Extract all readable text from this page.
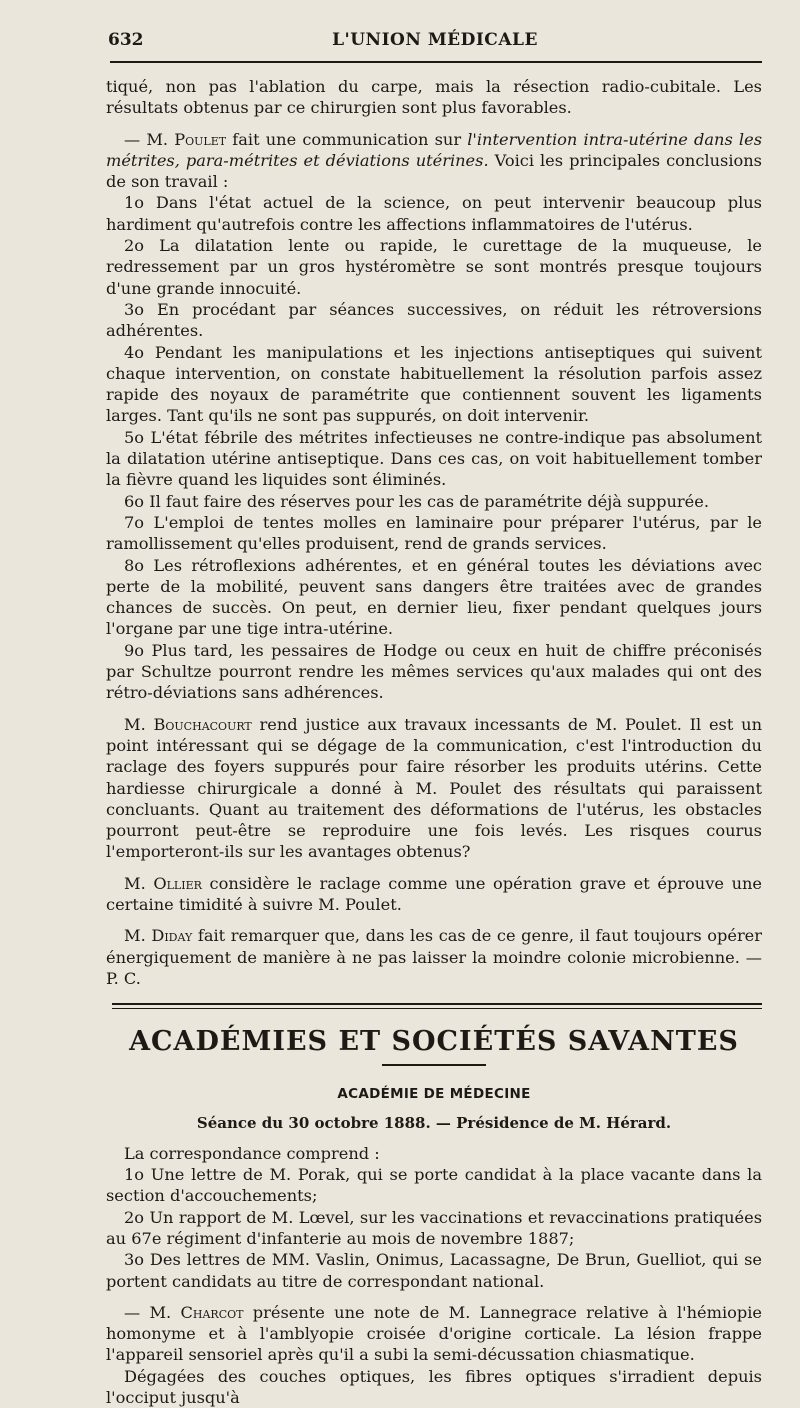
632	L'UNION MÉDICALE

tiqué, non pas l'ablation du carpe, mais la résection radio-cubitale. Les résultats obtenus par ce chirurgien sont plus favorables.

— M. Poulet fait une communication sur l'intervention intra-utérine dans les métrites, para-métrites et déviations utérines. Voici les principales conclusions de son travail :

1o Dans l'état actuel de la science, on peut intervenir beaucoup plus hardiment qu'autrefois contre les affections inflammatoires de l'utérus.

2o La dilatation lente ou rapide, le curettage de la muqueuse, le redressement par un gros hystéromètre se sont montrés presque toujours d'une grande innocuité.

3o En procédant par séances successives, on réduit les rétroversions adhérentes.

4o Pendant les manipulations et les injections antiseptiques qui suivent chaque intervention, on constate habituellement la résolution parfois assez rapide des noyaux de paramétrite que contiennent souvent les ligaments larges. Tant qu'ils ne sont pas suppurés, on doit intervenir.

5o L'état fébrile des métrites infectieuses ne contre-indique pas absolument la dilatation utérine antiseptique. Dans ces cas, on voit habituellement tomber la fièvre quand les liquides sont éliminés.

6o Il faut faire des réserves pour les cas de paramétrite déjà suppurée.

7o L'emploi de tentes molles en laminaire pour préparer l'utérus, par le ramollissement qu'elles produisent, rend de grands services.

8o Les rétroflexions adhérentes, et en général toutes les déviations avec perte de la mobilité, peuvent sans dangers être traitées avec de grandes chances de succès. On peut, en dernier lieu, fixer pendant quelques jours l'organe par une tige intra-utérine.

9o Plus tard, les pessaires de Hodge ou ceux en huit de chiffre préconisés par Schultze pourront rendre les mêmes services qu'aux malades qui ont des rétro-déviations sans adhérences.

M. Bouchacourt rend justice aux travaux incessants de M. Poulet. Il est un point intéressant qui se dégage de la communication, c'est l'introduction du raclage des foyers suppurés pour faire résorber les produits utérins. Cette hardiesse chirurgicale a donné à M. Poulet des résultats qui paraissent concluants. Quant au traitement des déformations de l'utérus, les obstacles pourront peut-être se reproduire une fois levés. Les risques courus l'emporteront-ils sur les avantages obtenus?

M. Ollier considère le raclage comme une opération grave et éprouve une certaine timidité à suivre M. Poulet.

M. Diday fait remarquer que, dans les cas de ce genre, il faut toujours opérer énergiquement de manière à ne pas laisser la moindre colonie microbienne. — P. C.

ACADÉMIES ET SOCIÉTÉS SAVANTES
ACADÉMIE DE MÉDECINE
Séance du 30 octobre 1888. — Présidence de M. Hérard.

La correspondance comprend :

1o Une lettre de M. Porak, qui se porte candidat à la place vacante dans la section d'accouchements;

2o Un rapport de M. Lœvel, sur les vaccinations et revaccinations pratiquées au 67e régiment d'infanterie au mois de novembre 1887;

3o Des lettres de MM. Vaslin, Onimus, Lacassagne, De Brun, Guelliot, qui se portent candidats au titre de correspondant national.

— M. Charcot présente une note de M. Lannegrace relative à l'hémiopie homonyme et à l'amblyopie croisée d'origine corticale. La lésion frappe l'appareil sensoriel après qu'il a subi la semi-décussation chiasmatique.

Dégagées des couches optiques, les fibres optiques s'irradient depuis l'occiput jusqu'à
